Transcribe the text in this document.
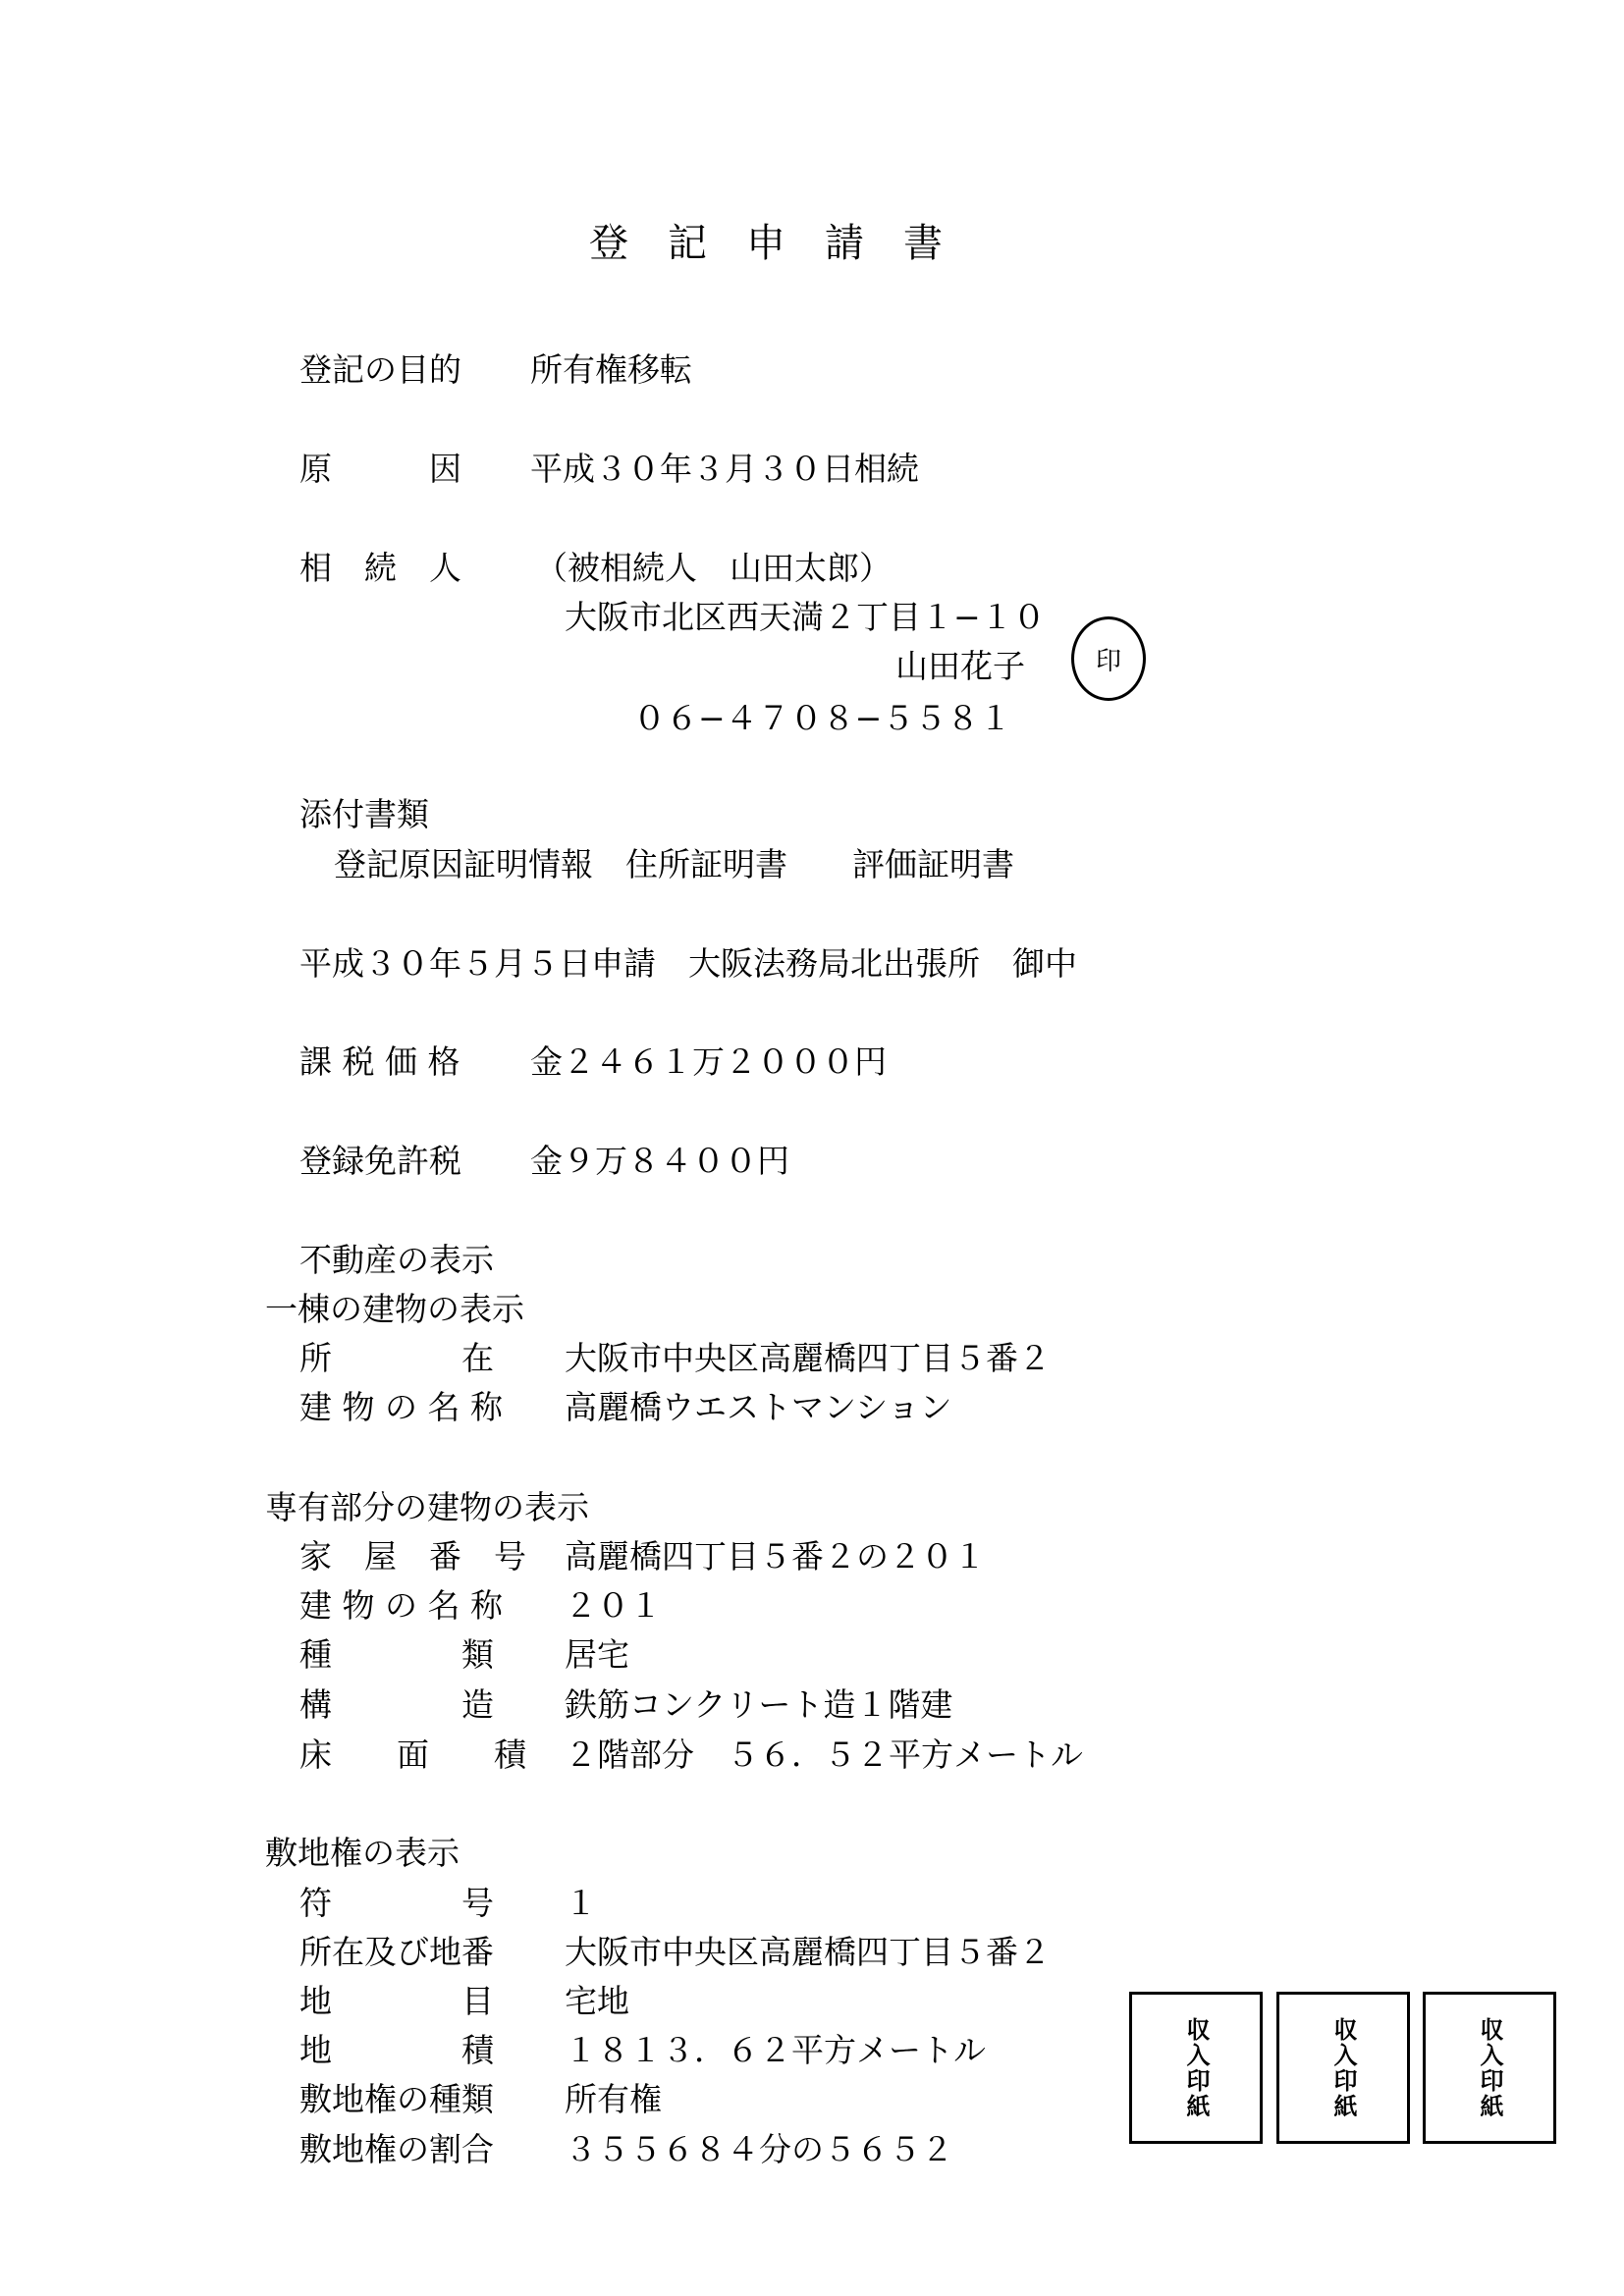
登　記　申　請　書
登記の目的 所有権移転
原　　　因 平成３０年３月３０日相続
相　続　人 （被相続人　山田太郎）
大阪市北区西天満２丁目１−１０
山田花子	印
０６−４７０８−５５８１
添付書類
登記原因証明情報　住所証明書　　評価証明書
平成３０年５月５日申請　大阪法務局北出張所　御中
課 税 価 格 金２４６１万２０００円
登録免許税 金９万８４００円
不動産の表示
一棟の建物の表示
所　　　　在 大阪市中央区高麗橋四丁目５番２
建 物 の 名 称 高麗橋ウエストマンション
専有部分の建物の表示
家　屋　番　号 高麗橋四丁目５番２の２０１
建 物 の 名 称 ２０１
種　　　　類 居宅
構　　　　造 鉄筋コンクリート造１階建
床　　面　　積 ２階部分　５６．５２平方メートル
敷地権の表示
符　　　　号 １
所在及び地番 大阪市中央区高麗橋四丁目５番２
地　　　　目 宅地
地　　　　積 １８１３．６２平方メートル
敷地権の種類 所有権
敷地権の割合 ３５５６８４分の５６５２
収入印紙	収入印紙	収入印紙
